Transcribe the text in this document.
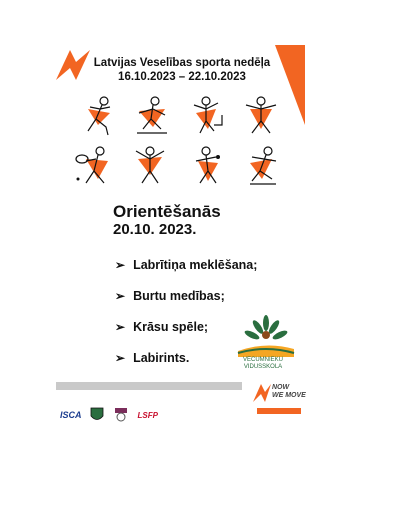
Latvijas Veselības sporta nedēļa
16.10.2023 – 22.10.2023
Orientēšanās
20.10. 2023.
➢ Labrītiņa meklēšana;
➢ Burtu medības;
➢ Krāsu spēle;
➢ Labirints.	VECUMNIEKU
VIDUSSKOLA
NOW
WE MOVE
ISCA	LSFP
